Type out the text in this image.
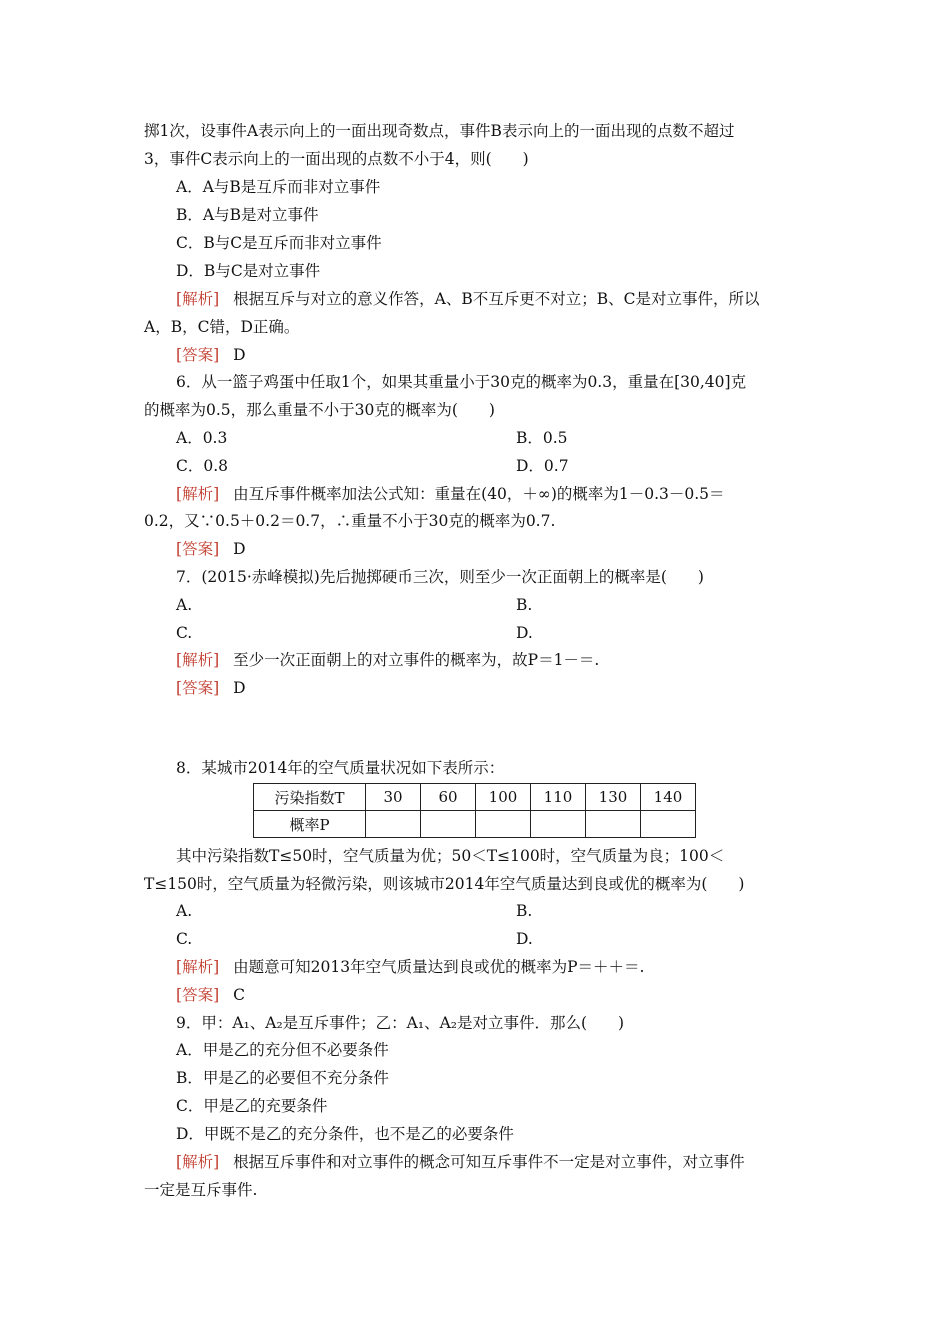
掷1次，设事件A表示向上的一面出现奇数点，事件B表示向上的一面出现的点数不超过
3，事件C表示向上的一面出现的点数不小于4，则(　　)
A．A与B是互斥而非对立事件
B．A与B是对立事件
C．B与C是互斥而非对立事件
D．B与C是对立事件
[ 解析 ] 根据互斥与对立的意义作答，A、B不互斥更不对立；B、C是对立事件，所以
A，B，C错，D正确。
[ 答案 ] D
6．从一篮子鸡蛋中任取1个，如果其重量小于30克的概率为0.3，重量在[30,40]克
的概率为0.5，那么重量不小于30克的概率为(　　)
A．0.3	B．0.5
C．0.8	D．0.7
[ 解析 ] 由互斥事件概率加法公式知：重量在(40，＋∞)的概率为1－0.3－0.5＝
0.2，又∵0.5＋0.2＝0.7，∴重量不小于30克的概率为0.7.
[ 答案 ] D
7．(2015·赤峰模拟)先后抛掷硬币三次，则至少一次正面朝上的概率是(　　)
A.	B.
C.	D.
[ 解析 ] 至少一次正面朝上的对立事件的概率为，故P＝1－＝.
[ 答案 ] D
8．某城市2014年的空气质量状况如下表所示：
污染指数T	30	60	100	110	130	140
概率P						
其中污染指数T≤50时，空气质量为优；50＜T≤100时，空气质量为良；100＜
T≤150时，空气质量为轻微污染，则该城市2014年空气质量达到良或优的概率为(　　)
A.	B.
C.	D.
[ 解析 ] 由题意可知2013年空气质量达到良或优的概率为P＝＋＋＝.
[ 答案 ] C
9．甲：A₁、A₂是互斥事件；乙：A₁、A₂是对立事件．那么(　　)
A．甲是乙的充分但不必要条件
B．甲是乙的必要但不充分条件
C．甲是乙的充要条件
D．甲既不是乙的充分条件，也不是乙的必要条件
[ 解析 ] 根据互斥事件和对立事件的概念可知互斥事件不一定是对立事件，对立事件
一定是互斥事件.
